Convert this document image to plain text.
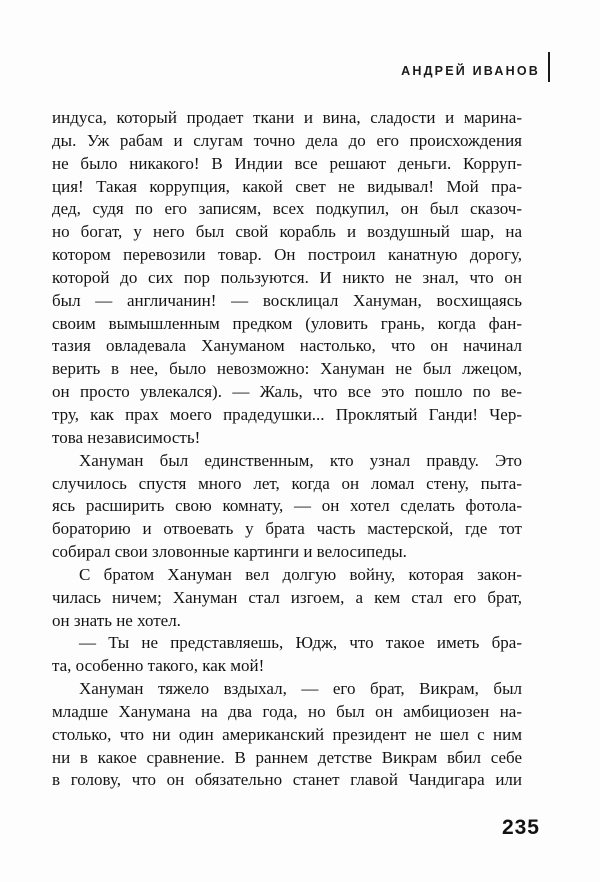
АНДРЕЙ ИВАНОВ
индуса, который продает ткани и вина, сладости и марина-
ды. Уж рабам и слугам точно дела до его происхождения
не было никакого! В Индии все решают деньги. Корруп-
ция! Такая коррупция, какой свет не видывал! Мой пра-
дед, судя по его записям, всех подкупил, он был сказоч-
но богат, у него был свой корабль и воздушный шар, на
котором перевозили товар. Он построил канатную дорогу,
которой до сих пор пользуются. И никто не знал, что он
был — англичанин! — восклицал Хануман, восхищаясь
своим вымышленным предком (уловить грань, когда фан-
тазия овладевала Хануманом настолько, что он начинал
верить в нее, было невозможно: Хануман не был лжецом,
он просто увлекался). — Жаль, что все это пошло по ве-
тру, как прах моего прадедушки... Проклятый Ганди! Чер-
това независимость!
Хануман был единственным, кто узнал правду. Это
случилось спустя много лет, когда он ломал стену, пыта-
ясь расширить свою комнату, — он хотел сделать фотола-
бораторию и отвоевать у брата часть мастерской, где тот
собирал свои зловонные картинги и велосипеды.
С братом Хануман вел долгую войну, которая закон-
чилась ничем; Хануман стал изгоем, а кем стал его брат,
он знать не хотел.
— Ты не представляешь, Юдж, что такое иметь бра-
та, особенно такого, как мой!
Хануман тяжело вздыхал, — его брат, Викрам, был
младше Ханумана на два года, но был он амбициозен на-
столько, что ни один американский президент не шел с ним
ни в какое сравнение. В раннем детстве Викрам вбил себе
в голову, что он обязательно станет главой Чандигара или
235
